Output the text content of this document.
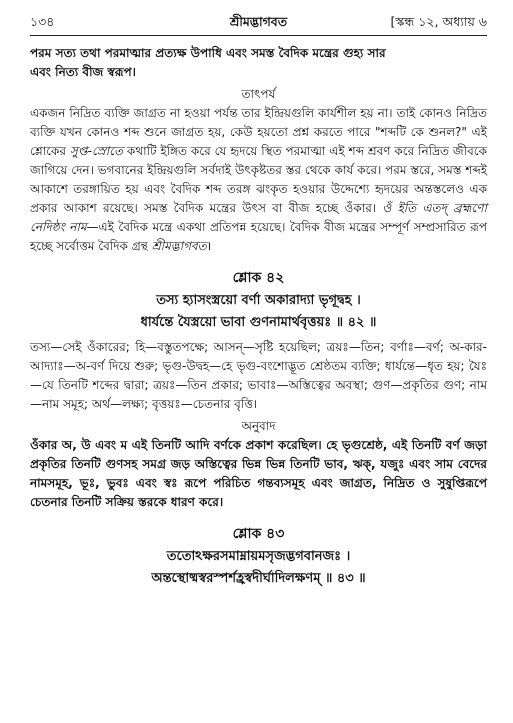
১৩৪	শ্রীমদ্ভাগবত	[স্কন্ধ ১২, অধ্যায় ৬

পরম সত্য তথা পরমাত্মার প্রত্যক্ষ উপাধি এবং সমস্ত বৈদিক মন্ত্রের গুহ্য সার

এবং নিত্য বীজ স্বরূপ।

তাৎপর্য

একজন নিদ্রিত ব্যক্তি জাগ্রত না হওয়া পর্যন্ত তার ইন্দ্রিয়গুলি কার্যশীল হয় না। তাই কোনও নিদ্রিত ব্যক্তি যখন কোনও শব্দ শুনে জাগ্রত হয়, কেউ হয়তো প্রশ্ন করতে পারে "শব্দটি কে শুনল?" এই শ্লোকের সুপ্ত-স্রোতে কথাটি ইঙ্গিত করে যে হৃদয়ে স্থিত পরমাত্মা এই শব্দ শ্রবণ করে নিদ্রিত জীবকে জাগিয়ে দেন। ভগবানের ইন্দ্রিয়গুলি সর্বদাই উৎকৃষ্টতর স্তর থেকে কার্য করে। পরম স্তরে, সমস্ত শব্দই আকাশে তরঙ্গায়িত হয় এবং বৈদিক শব্দ তরঙ্গ ঝংকৃত হওয়ার উদ্দেশ্যে হৃদয়ের অন্তস্তলেও এক প্রকার আকাশ রয়েছে। সমস্ত বৈদিক মন্ত্রের উৎস বা বীজ হচ্ছে ওঁকার। ওঁ ইতি এতদ্ ব্রহ্মণো নেদিষ্ঠং নাম—এই বৈদিক মন্ত্রে একথা প্রতিপন্ন হয়েছে। বৈদিক বীজ মন্ত্রের সম্পূর্ণ সম্প্রসারিত রূপ হচ্ছে সর্বোত্তম বৈদিক গ্রন্থ শ্রীমদ্ভাগবত।

শ্লোক ৪২
তস্য হ্যাসংস্ত্রয়ো বর্ণা অকারাদ্যা ভৃগূদ্বহ ।
ধার্যন্তে যৈস্ত্রয়ো ভাবা গুণনামার্থবৃত্তয়ঃ ॥ ৪২ ॥

তস্য—সেই ওঁকারের; হি—বস্তুতপক্ষে; আসন্—সৃষ্টি হয়েছিল; ত্রয়ঃ—তিন; বর্ণাঃ—বর্ণ; অ-কার-আদ্যাঃ—অ-বর্ণ দিয়ে শুরু; ভৃগু-উদ্বহ—হে ভৃগু-বংশোদ্ভূত শ্রেষ্ঠতম ব্যক্তি; ধার্যন্তে—ধৃত হয়; যৈঃ—যে তিনটি শব্দের দ্বারা; ত্রয়ঃ—তিন প্রকার; ভাবাঃ—অস্তিত্বের অবস্থা; গুণ—প্রকৃতির গুণ; নাম—নাম সমূহ; অর্থ—লক্ষ্য; বৃত্তয়ঃ—চেতনার বৃত্তি।

অনুবাদ

ওঁকার অ, উ এবং ম এই তিনটি আদি বর্ণকে প্রকাশ করেছিল। হে ভৃগুশ্রেষ্ঠ, এই তিনটি বর্ণ জড়া প্রকৃতির তিনটি গুণসহ সমগ্র জড় অস্তিত্বের ভিন্ন ভিন্ন তিনটি ভাব, ঋক্, যজুঃ এবং সাম বেদের নামসমূহ, ভূঃ, ভুবঃ এবং স্বঃ রূপে পরিচিত গন্তব্যসমূহ এবং জাগ্রত, নিদ্রিত ও সুষুপ্তিরূপে চেতনার তিনটি সক্রিয় স্তরকে ধারণ করে।

শ্লোক ৪৩
ততোঽক্ষরসমাম্নায়মসৃজদ্ভগবানজঃ ।
অন্তস্থোষ্মস্বরস্পর্শহ্রস্বদীর্ঘাদিলক্ষণম্ ॥ ৪৩ ॥
